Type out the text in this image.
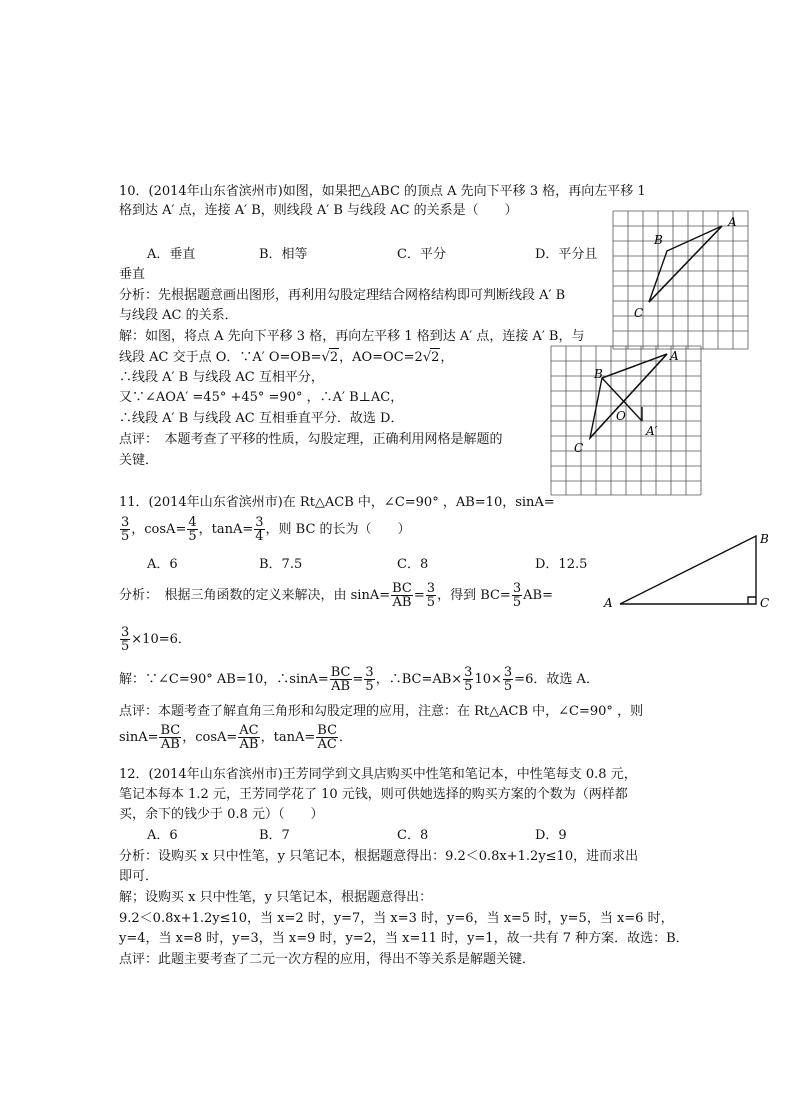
10．(2014年山东省滨州市)如图，如果把△ABC 的顶点 A 先向下平移 3 格，再向左平移 1
格到达 A′ 点，连接 A′ B，则线段 A′ B 与线段 AC 的关系是（　　）
A．垂直	B．相等	C．平分	D．平分且
垂直
分析：先根据题意画出图形，再利用勾股定理结合网格结构即可判断线段 A′ B
与线段 AC 的关系．
解：如图，将点 A 先向下平移 3 格，再向左平移 1 格到达 A′ 点，连接 A′ B，与
线段 AC 交于点 O．∵A′ O=OB=√2，AO=OC=2√2，
∴线段 A′ B 与线段 AC 互相平分，
又∵∠AOA′ =45° +45° =90° ，∴A′ B⊥AC，
∴线段 A′ B 与线段 AC 互相垂直平分．故选 D．
点评：　本题考查了平移的性质，勾股定理，正确利用网格是解题的
关键．
A
B
C
A
B
O
A′
C
11．(2014年山东省滨州市)在 Rt△ACB 中，∠C=90° ，AB=10，sinA=
$\frac{3}{5}$ ，$\cos A= \frac{4}{5}$ ，$\tan A= \frac{3}{4}$ ，则 BC 的长为（　　）
A．6	B．7.5	C．8	D．12.5
分析：　根据三角函数的定义来解决，由 $\sin A= \frac{BC}{AB} = \frac{3}{5}$ ，得到 $BC= \frac{3}{5} AB=$
$\frac{3}{5} \times 10=6$．
解：∵∠C=90° AB=10，∴sinA= $\frac{BC}{AB} = \frac{3}{5}$ ，∴BC=AB× $\frac{3}{5} 10\times \frac{3}{5} =6$．故选 A．
点评：本题考查了解直角三角形和勾股定理的应用，注意：在 Rt△ACB 中，∠C=90° ，则
$\sin A= \frac{BC}{AB}$ ，$\cos A= \frac{AC}{AB}$ ，$\tan A= \frac{BC}{AC}$ ．
A
B
C
12．(2014年山东省滨州市)王芳同学到文具店购买中性笔和笔记本，中性笔每支 0.8 元，
笔记本每本 1.2 元，王芳同学花了 10 元钱，则可供她选择的购买方案的个数为（两样都
买，余下的钱少于 0.8 元）（　　）
A．6	B．7	C．8	D．9
分析：设购买 x 只中性笔，y 只笔记本，根据题意得出：9.2＜0.8x+1.2y≤10，进而求出
即可．
解；设购买 x 只中性笔，y 只笔记本，根据题意得出：
9.2＜0.8x+1.2y≤10，当 x=2 时，y=7，当 x=3 时，y=6，当 x=5 时，y=5，当 x=6 时，
y=4，当 x=8 时，y=3，当 x=9 时，y=2，当 x=11 时，y=1，故一共有 7 种方案．故选：B．
点评：此题主要考查了二元一次方程的应用，得出不等关系是解题关键．
